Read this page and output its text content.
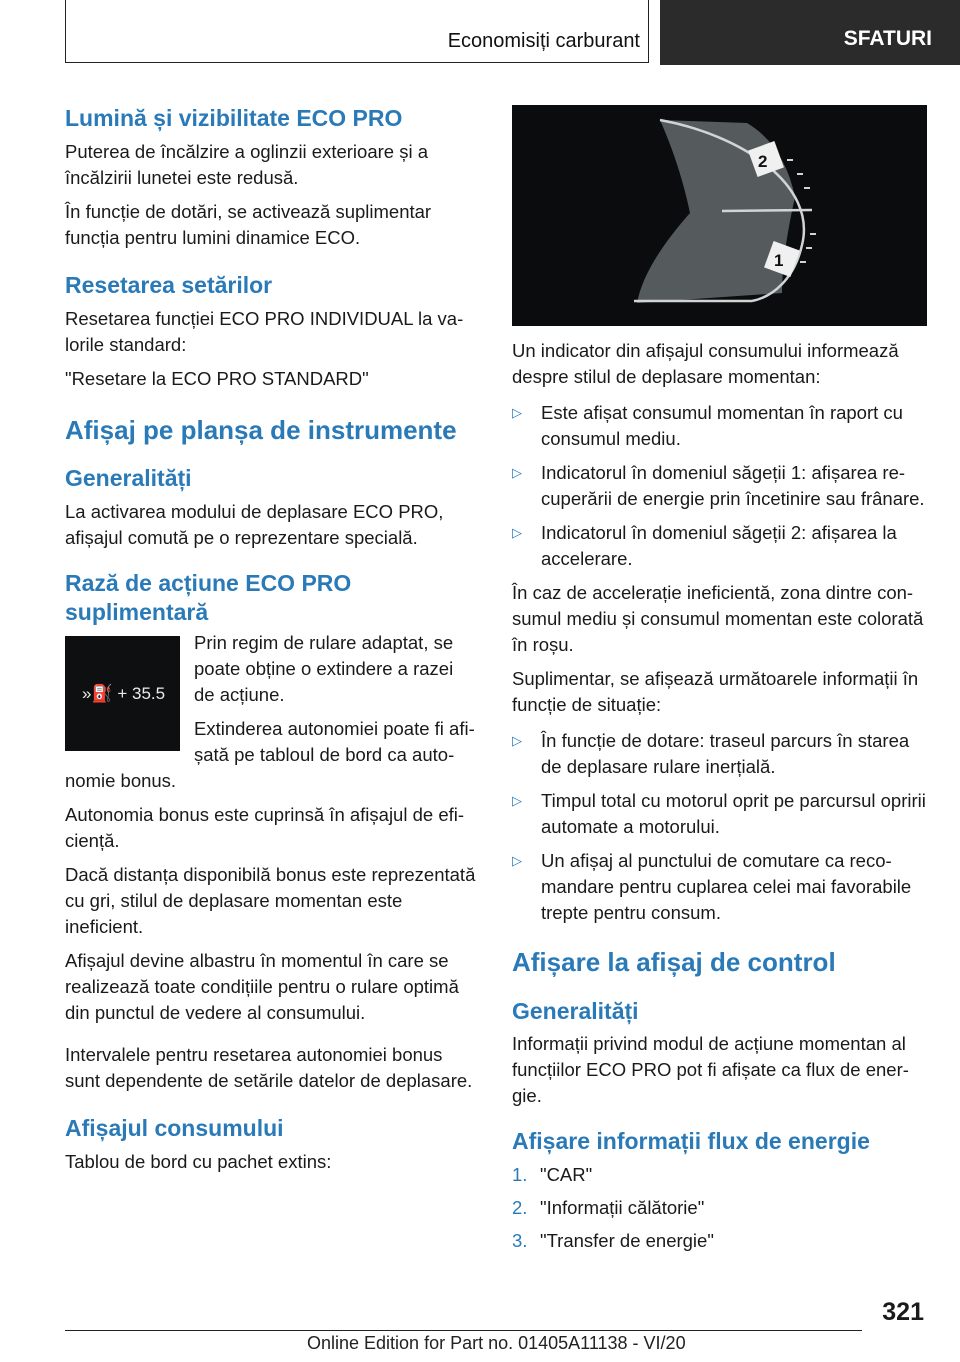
Economisiți carburant	SFATURI
Lumină și vizibilitate ECO PRO

Puterea de încălzire a oglinzii exterioare și a încălzirii lunetei este redusă.

În funcție de dotări, se activează suplimentar funcția pentru lumini dinamice ECO.

Resetarea setărilor

Resetarea funcției ECO PRO INDIVIDUAL la valorile standard:

"Resetare la ECO PRO STANDARD"

Afișaj pe planșa de instrumente
Generalități

La activarea modului de deplasare ECO PRO, afișajul comută pe o reprezentare specială.

Rază de acțiune ECO PRO suplimentară
»⛽ + 35.5

Prin regim de rulare adaptat, se poate obține o extindere a razei de acțiune.

Extinderea autonomiei poate fi afișată pe tabloul de bord ca autonomie bonus.

Autonomia bonus este cuprinsă în afișajul de eficiență.

Dacă distanța disponibilă bonus este reprezentată cu gri, stilul de deplasare momentan este ineficient.

Afișajul devine albastru în momentul în care se realizează toate condițiile pentru o rulare optimă din punctul de vedere al consumului.

Intervalele pentru resetarea autonomiei bonus sunt dependente de setările datelor de deplasare.

Afișajul consumului

Tablou de bord cu pachet extins:

2
1

Un indicator din afișajul consumului informează despre stilul de deplasare momentan:

▷ Este afișat consumul momentan în raport cu consumul mediu.
▷ Indicatorul în domeniul săgeții 1: afișarea recuperării de energie prin încetinire sau frânare.
▷ Indicatorul în domeniul săgeții 2: afișarea la accelerare.

În caz de accelerație ineficientă, zona dintre consumul mediu și consumul momentan este colorată în roșu.

Suplimentar, se afișează următoarele informații în funcție de situație:

▷ În funcție de dotare: traseul parcurs în starea de deplasare rulare inerțială.
▷ Timpul total cu motorul oprit pe parcursul opririi automate a motorului.
▷ Un afișaj al punctului de comutare ca recomandare pentru cuplarea celei mai favorabile trepte pentru consum.
Afișare la afișaj de control
Generalități

Informații privind modul de acțiune momentan al funcțiilor ECO PRO pot fi afișate ca flux de energie.

Afișare informații flux de energie
1. "CAR"
2. "Informații călătorie"
3. "Transfer de energie"
321
Online Edition for Part no. 01405A11138 - VI/20
